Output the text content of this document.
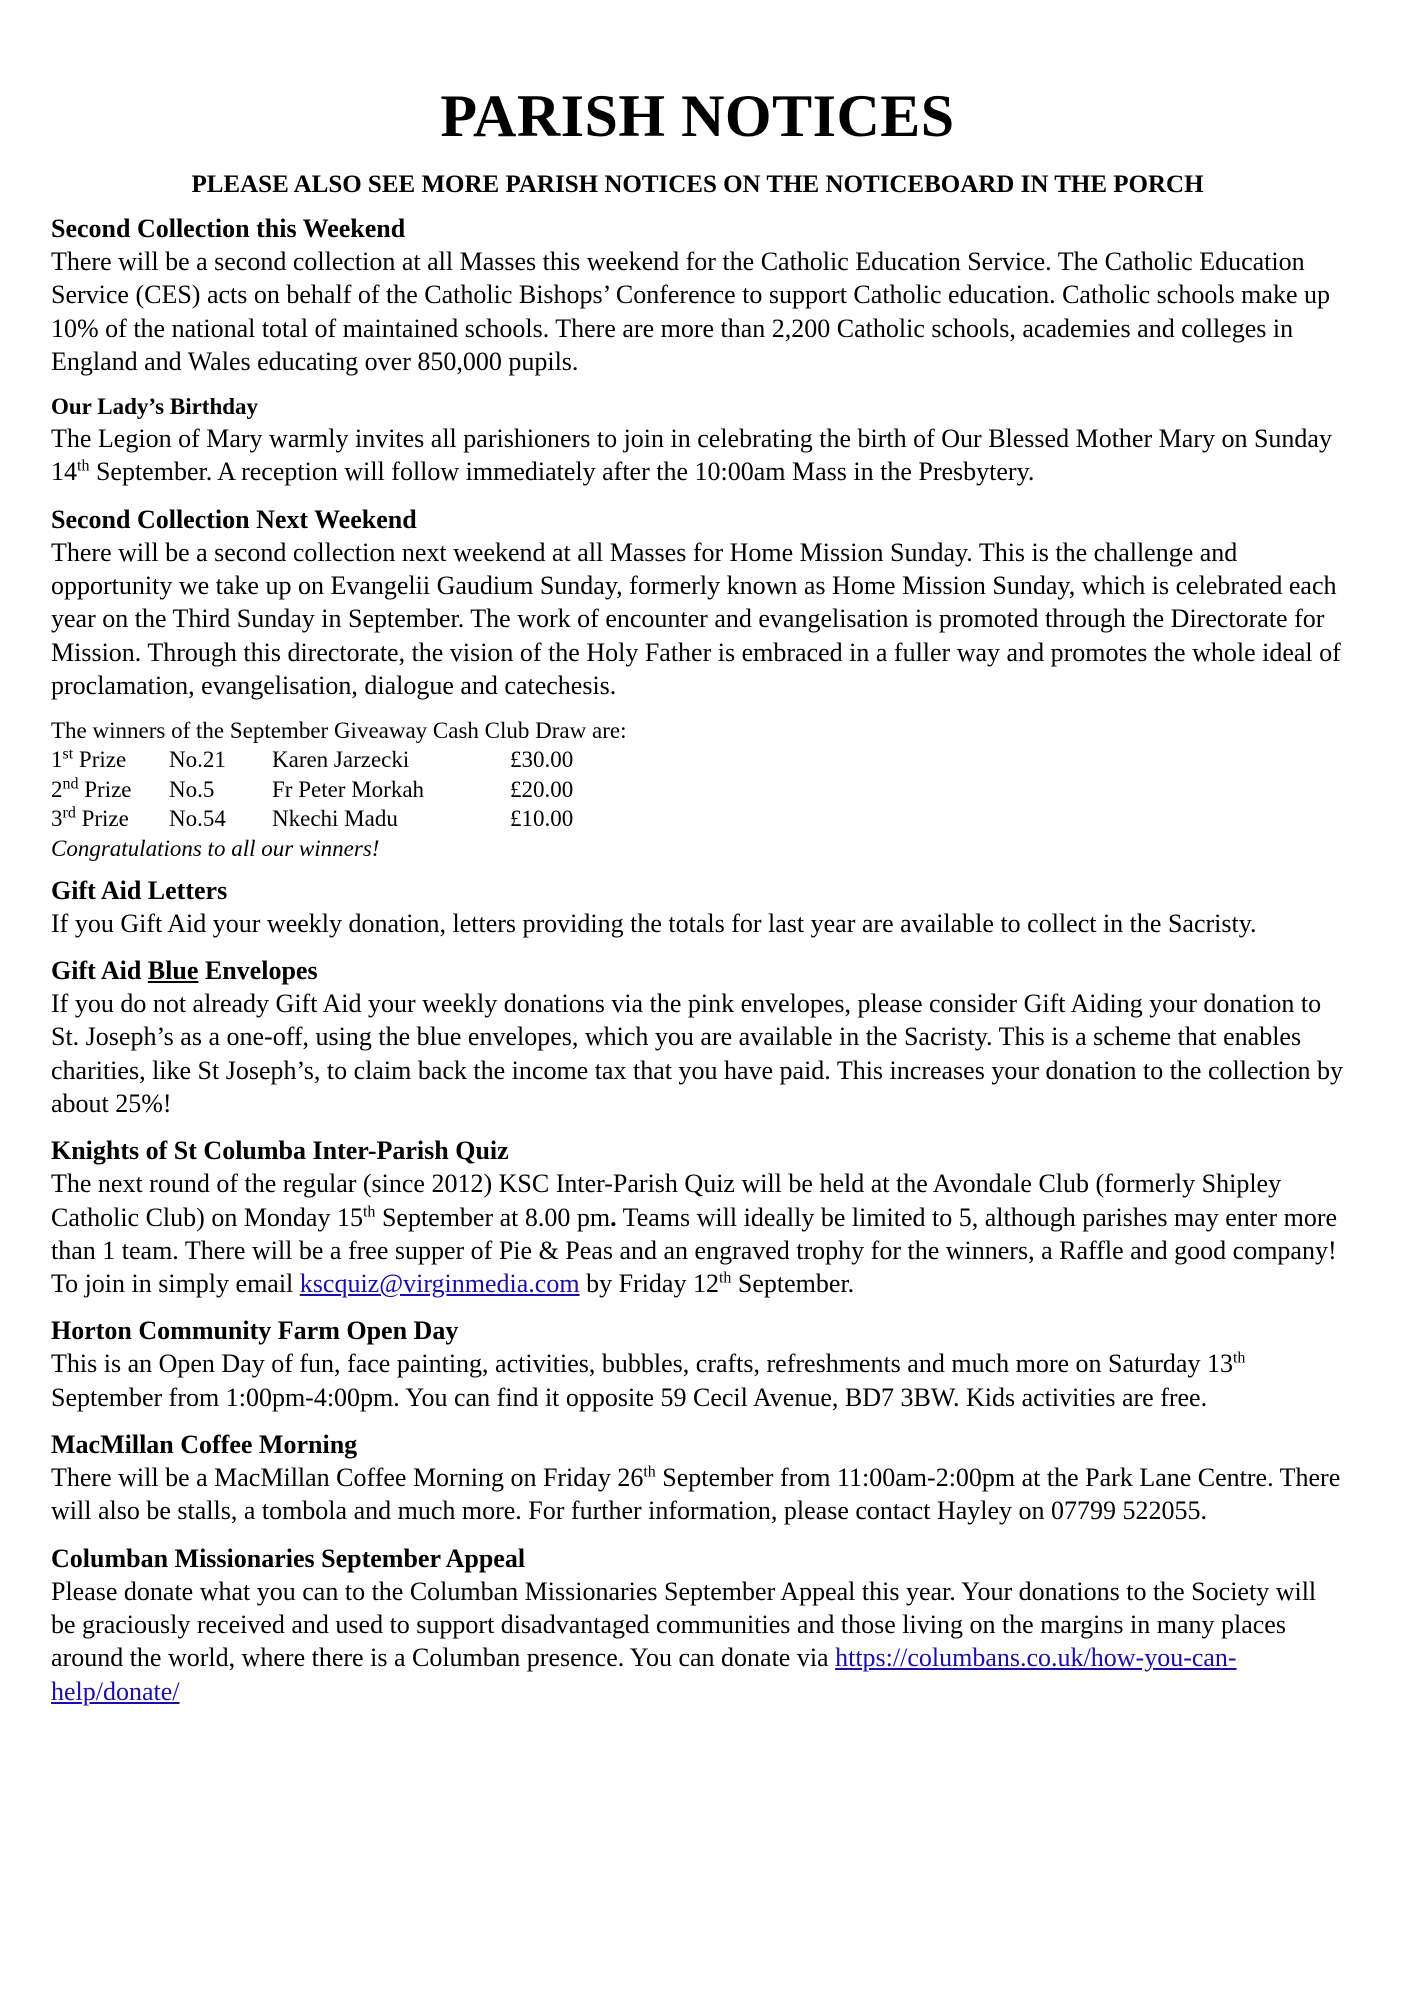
PARISH NOTICES

PLEASE ALSO SEE MORE PARISH NOTICES ON THE NOTICEBOARD IN THE PORCH

Second Collection this Weekend

There will be a second collection at all Masses this weekend for the Catholic Education Service. The Catholic Education Service (CES) acts on behalf of the Catholic Bishops’ Conference to support Catholic education. Catholic schools make up 10% of the national total of maintained schools. There are more than 2,200 Catholic schools, academies and colleges in England and Wales educating over 850,000 pupils.

Our Lady’s Birthday

The Legion of Mary warmly invites all parishioners to join in celebrating the birth of Our Blessed Mother Mary on Sunday 14th September. A reception will follow immediately after the 10:00am Mass in the Presbytery.

Second Collection Next Weekend

There will be a second collection next weekend at all Masses for Home Mission Sunday. This is the challenge and opportunity we take up on Evangelii Gaudium Sunday, formerly known as Home Mission Sunday, which is celebrated each year on the Third Sunday in September. The work of encounter and evangelisation is promoted through the Directorate for Mission. Through this directorate, the vision of the Holy Father is embraced in a fuller way and promotes the whole ideal of proclamation, evangelisation, dialogue and catechesis.

The winners of the September Giveaway Cash Club Draw are:

1st Prize	No.21	Karen Jarzecki	£30.00
2nd Prize	No.5	Fr Peter Morkah	£20.00
3rd Prize	No.54	Nkechi Madu	£10.00

Congratulations to all our winners!

Gift Aid Letters

If you Gift Aid your weekly donation, letters providing the totals for last year are available to collect in the Sacristy.

Gift Aid Blue Envelopes

If you do not already Gift Aid your weekly donations via the pink envelopes, please consider Gift Aiding your donation to St. Joseph’s as a one-off, using the blue envelopes, which you are available in the Sacristy. This is a scheme that enables charities, like St Joseph’s, to claim back the income tax that you have paid. This increases your donation to the collection by about 25%!

Knights of St Columba Inter-Parish Quiz

The next round of the regular (since 2012) KSC Inter-Parish Quiz will be held at the Avondale Club (formerly Shipley Catholic Club) on Monday 15th September at 8.00 pm. Teams will ideally be limited to 5, although parishes may enter more than 1 team. There will be a free supper of Pie & Peas and an engraved trophy for the winners, a Raffle and good company! To join in simply email kscquiz@virginmedia.com by Friday 12th September.

Horton Community Farm Open Day

This is an Open Day of fun, face painting, activities, bubbles, crafts, refreshments and much more on Saturday 13th September from 1:00pm-4:00pm. You can find it opposite 59 Cecil Avenue, BD7 3BW. Kids activities are free.

MacMillan Coffee Morning

There will be a MacMillan Coffee Morning on Friday 26th September from 11:00am-2:00pm at the Park Lane Centre. There will also be stalls, a tombola and much more. For further information, please contact Hayley on 07799 522055.

Columban Missionaries September Appeal

Please donate what you can to the Columban Missionaries September Appeal this year. Your donations to the Society will be graciously received and used to support disadvantaged communities and those living on the margins in many places around the world, where there is a Columban presence. You can donate via https://columbans.co.uk/how-you-can-help/donate/
